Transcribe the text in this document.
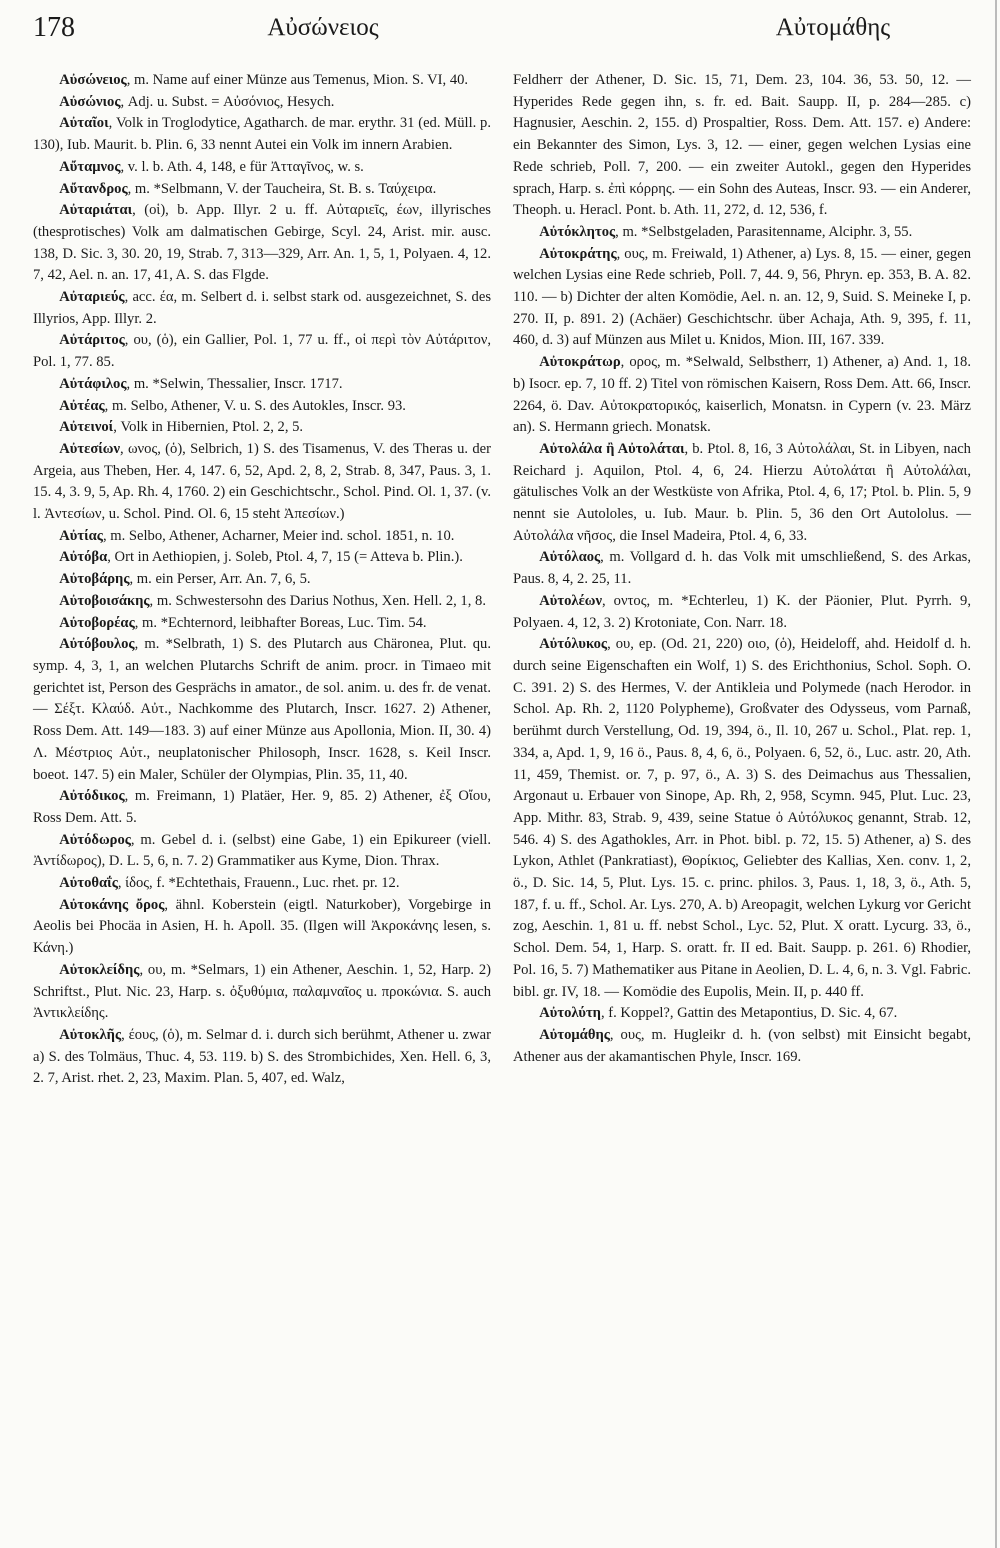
178	Αὐσώνειος	Αὐτομάθης

Αὐσώνειος, m. Name auf einer Münze aus Temenus, Mion. S. VI, 40.

Αὐσώνιος, Adj. u. Subst. = Αὐσόνιος, Hesych.

Αὐταῖοι, Volk in Troglodytice, Agatharch. de mar. erythr. 31 (ed. Müll. p. 130), Iub. Maurit. b. Plin. 6, 33 nennt Autei ein Volk im innern Arabien.

Αὔταμνος, v. l. b. Ath. 4, 148, e für Ἀτταγῖνος, w. s.

Αὔτανδρος, m. *Selbmann, V. der Taucheira, St. B. s. Ταύχειρα.

Αὐταριάται, (οἱ), b. App. Illyr. 2 u. ff. Αὐταριεῖς, έων, illyrisches (thesprotisches) Volk am dalmatischen Gebirge, Scyl. 24, Arist. mir. ausc. 138, D. Sic. 3, 30. 20, 19, Strab. 7, 313—329, Arr. An. 1, 5, 1, Polyaen. 4, 12. 7, 42, Ael. n. an. 17, 41, A. S. das Flgde.

Αὐταριεύς, acc. έα, m. Selbert d. i. selbst stark od. ausgezeichnet, S. des Illyrios, App. Illyr. 2.

Αὐτάριτος, ου, (ὁ), ein Gallier, Pol. 1, 77 u. ff., οἱ περὶ τὸν Αὐτάριτον, Pol. 1, 77. 85.

Αὐτάφιλος, m. *Selwin, Thessalier, Inscr. 1717.

Αὐτέας, m. Selbo, Athener, V. u. S. des Autokles, Inscr. 93.

Αὐτεινοί, Volk in Hibernien, Ptol. 2, 2, 5.

Αὐτεσίων, ωνος, (ὁ), Selbrich, 1) S. des Tisamenus, V. des Theras u. der Argeia, aus Theben, Her. 4, 147. 6, 52, Apd. 2, 8, 2, Strab. 8, 347, Paus. 3, 1. 15. 4, 3. 9, 5, Ap. Rh. 4, 1760. 2) ein Geschichtschr., Schol. Pind. Ol. 1, 37. (v. l. Ἀντεσίων, u. Schol. Pind. Ol. 6, 15 steht Ἀπεσίων.)

Αὐτίας, m. Selbo, Athener, Acharner, Meier ind. schol. 1851, n. 10.

Αὐτόβα, Ort in Aethiopien, j. Soleb, Ptol. 4, 7, 15 (= Atteva b. Plin.).

Αὐτοβάρης, m. ein Perser, Arr. An. 7, 6, 5.

Αὐτοβοισάκης, m. Schwestersohn des Darius Nothus, Xen. Hell. 2, 1, 8.

Αὐτοβορέας, m. *Echternord, leibhafter Boreas, Luc. Tim. 54.

Αὐτόβουλος, m. *Selbrath, 1) S. des Plutarch aus Chäronea, Plut. qu. symp. 4, 3, 1, an welchen Plutarchs Schrift de anim. procr. in Timaeo mit gerichtet ist, Person des Gesprächs in amator., de sol. anim. u. des fr. de venat. — Σέξτ. Κλαύδ. Αὐτ., Nachkomme des Plutarch, Inscr. 1627. 2) Athener, Ross Dem. Att. 149—183. 3) auf einer Münze aus Apollonia, Mion. II, 30. 4) Λ. Μέστριος Αὐτ., neuplatonischer Philosoph, Inscr. 1628, s. Keil Inscr. boeot. 147. 5) ein Maler, Schüler der Olympias, Plin. 35, 11, 40.

Αὐτόδικος, m. Freimann, 1) Platäer, Her. 9, 85. 2) Athener, ἐξ Οἴου, Ross Dem. Att. 5.

Αὐτόδωρος, m. Gebel d. i. (selbst) eine Gabe, 1) ein Epikureer (viell. Ἀντίδωρος), D. L. 5, 6, n. 7. 2) Grammatiker aus Kyme, Dion. Thrax.

Αὐτοθαΐς, ίδος, f. *Echtethais, Frauenn., Luc. rhet. pr. 12.

Αὐτοκάνης ὄρος, ähnl. Koberstein (eigtl. Naturkober), Vorgebirge in Aeolis bei Phocäa in Asien, H. h. Apoll. 35. (Ilgen will Ἀκροκάνης lesen, s. Κάνη.)

Αὐτοκλείδης, ου, m. *Selmars, 1) ein Athener, Aeschin. 1, 52, Harp. 2) Schriftst., Plut. Nic. 23, Harp. s. ὀξυθύμια, παλαμναῖος u. προκώνια. S. auch Ἀντικλείδης.

Αὐτοκλῆς, έους, (ὁ), m. Selmar d. i. durch sich berühmt, Athener u. zwar a) S. des Tolmäus, Thuc. 4, 53. 119. b) S. des Strombichides, Xen. Hell. 6, 3, 2. 7, Arist. rhet. 2, 23, Maxim. Plan. 5, 407, ed. Walz,

Feldherr der Athener, D. Sic. 15, 71, Dem. 23, 104. 36, 53. 50, 12. — Hyperides Rede gegen ihn, s. fr. ed. Bait. Saupp. II, p. 284—285. c) Hagnusier, Aeschin. 2, 155. d) Prospaltier, Ross. Dem. Att. 157. e) Andere: ein Bekannter des Simon, Lys. 3, 12. — einer, gegen welchen Lysias eine Rede schrieb, Poll. 7, 200. — ein zweiter Autokl., gegen den Hyperides sprach, Harp. s. ἐπὶ κόρρης. — ein Sohn des Auteas, Inscr. 93. — ein Anderer, Theoph. u. Heracl. Pont. b. Ath. 11, 272, d. 12, 536, f.

Αὐτόκλητος, m. *Selbstgeladen, Parasitenname, Alciphr. 3, 55.

Αὐτοκράτης, ους, m. Freiwald, 1) Athener, a) Lys. 8, 15. — einer, gegen welchen Lysias eine Rede schrieb, Poll. 7, 44. 9, 56, Phryn. ep. 353, B. A. 82. 110. — b) Dichter der alten Komödie, Ael. n. an. 12, 9, Suid. S. Meineke I, p. 270. II, p. 891. 2) (Achäer) Geschichtschr. über Achaja, Ath. 9, 395, f. 11, 460, d. 3) auf Münzen aus Milet u. Knidos, Mion. III, 167. 339.

Αὐτοκράτωρ, ορος, m. *Selwald, Selbstherr, 1) Athener, a) And. 1, 18. b) Isocr. ep. 7, 10 ff. 2) Titel von römischen Kaisern, Ross Dem. Att. 66, Inscr. 2264, ö. Dav. Αὐτοκρατορικός, kaiserlich, Monatsn. in Cypern (v. 23. März an). S. Hermann griech. Monatsk.

Αὐτολάλα ἢ Αὐτολάται, b. Ptol. 8, 16, 3 Αὐτολάλαι, St. in Libyen, nach Reichard j. Aquilon, Ptol. 4, 6, 24. Hierzu Αὐτολάται ἢ Αὐτολάλαι, gätulisches Volk an der Westküste von Afrika, Ptol. 4, 6, 17; Ptol. b. Plin. 5, 9 nennt sie Autololes, u. Iub. Maur. b. Plin. 5, 36 den Ort Autololus. — Αὐτολάλα νῆσος, die Insel Madeira, Ptol. 4, 6, 33.

Αὐτόλαος, m. Vollgard d. h. das Volk mit umschließend, S. des Arkas, Paus. 8, 4, 2. 25, 11.

Αὐτολέων, οντος, m. *Echterleu, 1) K. der Päonier, Plut. Pyrrh. 9, Polyaen. 4, 12, 3. 2) Krotoniate, Con. Narr. 18.

Αὐτόλυκος, ου, ep. (Od. 21, 220) οιο, (ὁ), Heideloff, ahd. Heidolf d. h. durch seine Eigenschaften ein Wolf, 1) S. des Erichthonius, Schol. Soph. O. C. 391. 2) S. des Hermes, V. der Antikleia und Polymede (nach Herodor. in Schol. Ap. Rh. 2, 1120 Polypheme), Großvater des Odysseus, vom Parnaß, berühmt durch Verstellung, Od. 19, 394, ö., Il. 10, 267 u. Schol., Plat. rep. 1, 334, a, Apd. 1, 9, 16 ö., Paus. 8, 4, 6, ö., Polyaen. 6, 52, ö., Luc. astr. 20, Ath. 11, 459, Themist. or. 7, p. 97, ö., A. 3) S. des Deimachus aus Thessalien, Argonaut u. Erbauer von Sinope, Ap. Rh, 2, 958, Scymn. 945, Plut. Luc. 23, App. Mithr. 83, Strab. 9, 439, seine Statue ὁ Αὐτόλυκος genannt, Strab. 12, 546. 4) S. des Agathokles, Arr. in Phot. bibl. p. 72, 15. 5) Athener, a) S. des Lykon, Athlet (Pankratiast), Θορίκιος, Geliebter des Kallias, Xen. conv. 1, 2, ö., D. Sic. 14, 5, Plut. Lys. 15. c. princ. philos. 3, Paus. 1, 18, 3, ö., Ath. 5, 187, f. u. ff., Schol. Ar. Lys. 270, A. b) Areopagit, welchen Lykurg vor Gericht zog, Aeschin. 1, 81 u. ff. nebst Schol., Lyc. 52, Plut. X oratt. Lycurg. 33, ö., Schol. Dem. 54, 1, Harp. S. oratt. fr. II ed. Bait. Saupp. p. 261. 6) Rhodier, Pol. 16, 5. 7) Mathematiker aus Pitane in Aeolien, D. L. 4, 6, n. 3. Vgl. Fabric. bibl. gr. IV, 18. — Komödie des Eupolis, Mein. II, p. 440 ff.

Αὐτολύτη, f. Koppel?, Gattin des Metapontius, D. Sic. 4, 67.

Αὐτομάθης, ους, m. Hugleikr d. h. (von selbst) mit Einsicht begabt, Athener aus der akamantischen Phyle, Inscr. 169.
